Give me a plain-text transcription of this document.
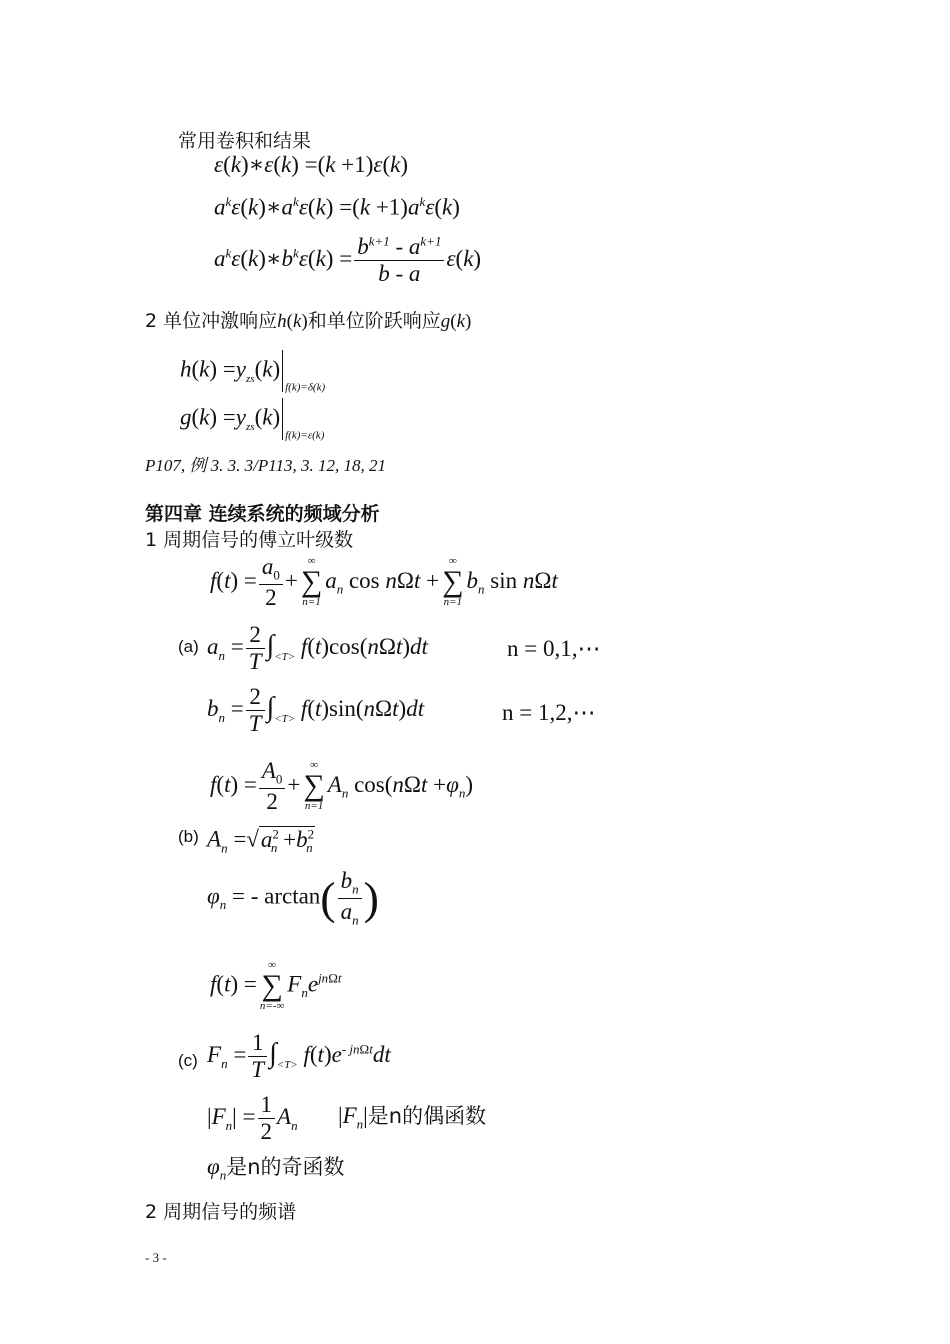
常用卷积和结果
ε(k)∗ε(k) =(k +1)ε(k)
$a^k\varepsilon(k)∗a^k\varepsilon(k) =(k +1)a^k\varepsilon(k)$
$a^k\varepsilon(k)∗b^k\varepsilon(k) = \frac{b^{k+1} - a^{k+1}}{b - a} \varepsilon(k)$
2 单位冲激响应h(k)和单位阶跃响应g(k)
$h(k) =y_{zs}(k)_{f(k)=\delta(k)}$
$g(k) =y_{zs}(k)_{f(k)=\varepsilon(k)}$
P107, 例 3. 3. 3/P113, 3. 12, 18, 21
第四章 连续系统的频域分析
1 周期信号的傅立叶级数
$f(t) = \frac{a_0}{2}$ +
∞
∑
n=1
$a_n$ cos nΩt +
∞
∑
n=1
$b_n$ sin nΩt
(a) $a_n = \frac{2}{T} \int_{<T>}$ f(t)cos(nΩt)dt	n = 0,1,⋯
$b_n = \frac{2}{T} \int_{<T>}$ f(t)sin(nΩt)dt	n = 1,2,⋯
$f(t) = \frac{A_0}{2}$ +
∞
∑
n=1
$A_n$ $\cos(n\Omega t +\varphi_n)$
(b) $A_n =√a^2_n +b^2_n$
$\varphi_n$ = - $\arctan( \frac{b_n}{a_n}$ )
f(t) =
∞
∑
n=-∞
$F_ne^{jn\Omega t}$
(c) $F_n = \frac{1}{T} \int_{<T>}$ $f(t)e^{- jn\Omega t}dt$
$|F_n| = \frac{1}{2} A_n$ $|F_n|$是n的偶函数
$\varphi_n$是n的奇函数
2 周期信号的频谱
- 3 -
